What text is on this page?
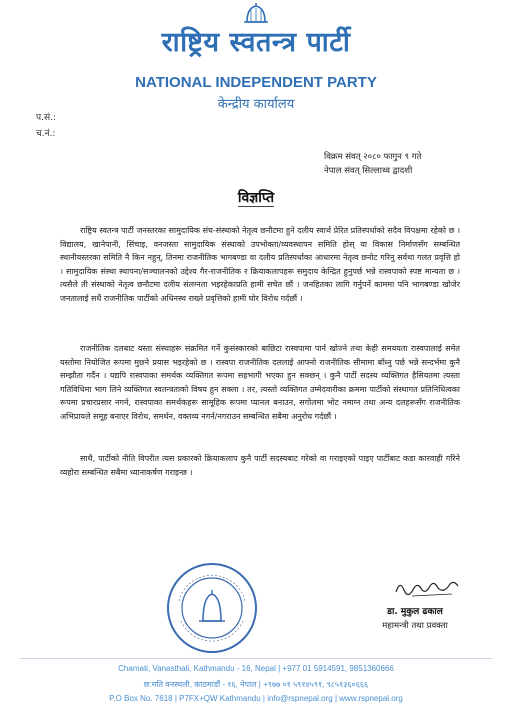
राष्ट्रिय स्वतन्त्र पार्टी
NATIONAL INDEPENDENT PARTY
केन्द्रीय कार्यालय
प.सं.:
च.नं.:
विक्रम संवत् २०८० फागुन ९ गते
नेपाल संवत् सिल्लाथ्व द्वादशी
विज्ञप्ति
राष्ट्रिय स्वतन्त्र पार्टी जनस्तरका सामुदायिक संघ-संस्थाको नेतृत्व छनौटमा हुने दलीय स्वार्थ प्रेरित प्रतिस्पर्धाको सदैव विपक्षमा रहेको छ । विद्यालय, खानेपानी, सिंचाइ, वनजस्ता सामुदायिक संस्थाको उपभोक्ता/व्यवस्थापन समिति होस् या विकास निर्माणसँग सम्बन्धित स्थानीयस्तरका समिति नै किन नहुन्, तिनमा राजनीतिक भागबण्डा वा दलीय प्रतिस्पर्धाका आधारमा नेतृत्व छनोट गरिनु सर्वथा गलत प्रवृत्ति हो । सामुदायिक संस्था स्थापना/सञ्चालनको उद्देश्य गैर-राजनीतिक र क्रियाकलापहरू समुदाय केन्द्रित हुनुपर्छ भन्ने रास्वपाको स्पष्ट मान्यता छ । त्यसैले ती संस्थाको नेतृत्व छनौटमा दलीय संलग्नता भइरहेकाप्रति हामी सचेत छौं । जनहितका लागि गर्नुपर्ने काममा पनि भागबण्डा खोजेर जनतालाई सधैं राजनीतिक पार्टीको अधिनस्थ राख्ने प्रवृत्तिको हामी घोर विरोध गर्दछौं ।
राजनीतिक दलबाट यस्ता संस्थाहरू संक्रमित गर्ने कुसंस्कारको बाछिटा रास्वपामा पार्न खोज्ने तथा केही समययता रास्वपालाई समेत यस्तोमा नियोजित रूपमा मुछ्ने प्रयास भइरहेको छ । रास्वपा राजनीतिक दललाई आफ्नो राजनीतिक सीमामा बाँध्नु पर्छ भन्ने सन्दर्भमा कुनै सम्झौता गर्दैन । यद्यपि रास्वपाका समर्थक व्यक्तिगत रूपमा सहभागी भएका हुन सक्छन् । कुनै पार्टी सदस्य व्यक्तिगत हैसियतमा त्यस्ता गतिविधिमा भाग लिने व्यक्तिगत स्वतन्त्रताको विषय हुन सक्ला । तर, त्यस्तो व्यक्तिगत उम्मेदवारीका क्रममा पार्टीको संस्थागत प्रतिनिधित्वका रूपमा प्रचारप्रसार नगर्न, रास्वपाका समर्थकहरू सामूहिक रूपमा प्यानल बनाउन, सगोलमा भोट नमाग्न तथा अन्य दलहरूसँग राजनीतिक अभिप्रायले समूह बनाएर विरोध, समर्थन, वक्तव्य नगर्न/नगराउन सम्बन्धित सबैमा अनुरोध गर्दछौं ।
साथै, पार्टीको नीति विपरीत त्यस प्रकारको क्रियाकलाप कुनै पार्टी सदस्यबाट गरेको वा गराइएको पाइए पार्टीबाट कडा कारवाही गरिने व्यहोरा सम्बन्धित सबैमा ध्यानाकर्षण गराइन्छ ।
डा. मुकुल ढकाल
महामन्त्री तथा प्रवक्ता
Chamati, Vanasthali, Kathmandu - 16, Nepal | +977 01 5914591, 9851360666
छ:मति वनस्थली, काठमाडौं - १६, नेपाल | +९७७ ०१ ५९१४५९१, ९८५१३६०६६६
P.O Box No. 7618 | P7FX+QW Kathmandu | info@rspnepal.org | www.rspnepal.org
